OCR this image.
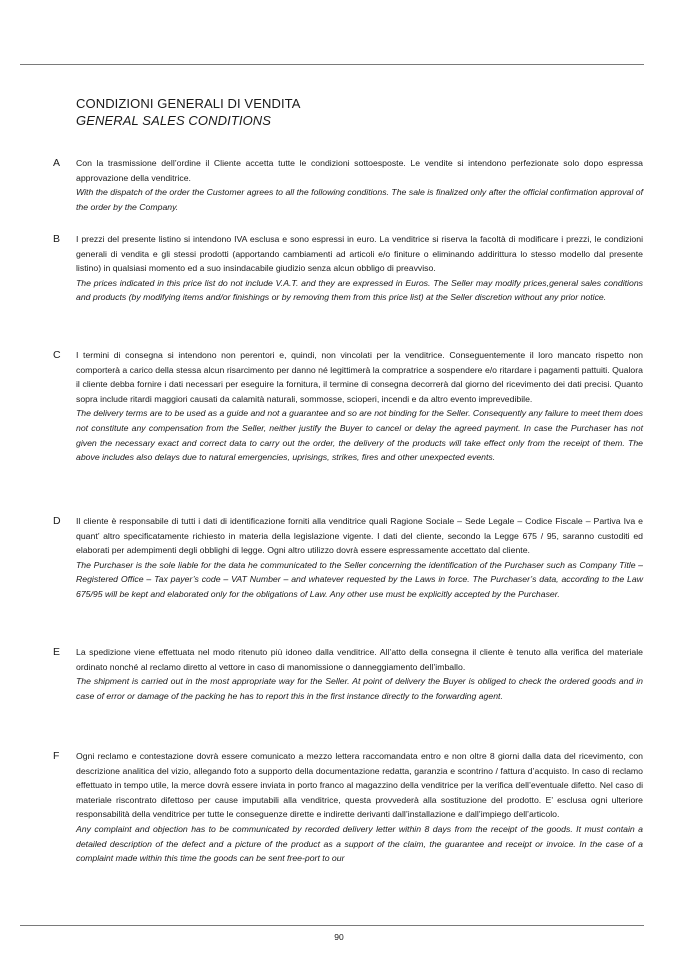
CONDIZIONI GENERALI DI VENDITA
GENERAL SALES CONDITIONS
A Con la trasmissione dell’ordine il Cliente accetta tutte le condizioni sottoesposte. Le vendite si intendono perfezionate solo dopo espressa approvazione della venditrice.

With the dispatch of the order the Customer agrees to all the following conditions. The sale is finalized only after the official confirmation approval of the order by the Company.

B I prezzi del presente listino si intendono IVA esclusa e sono espressi in euro. La venditrice si riserva la facoltà di modificare i prezzi, le condizioni generali di vendita e gli stessi prodotti (apportando cambiamenti ad articoli e/o finiture o eliminando addirittura lo stesso modello dal presente listino) in qualsiasi momento ed a suo insindacabile giudizio senza alcun obbligo di preavviso.

The prices indicated in this price list do not include V.A.T. and they are expressed in Euros. The Seller may modify prices,general sales conditions and products (by modifying items and/or finishings or by removing them from this price list) at the Seller discretion without any prior notice.

C I termini di consegna si intendono non perentori e, quindi, non vincolati per la venditrice. Conseguentemente il loro mancato rispetto non comporterà a carico della stessa alcun risarcimento per danno né legittimerà la compratrice a sospendere e/o ritardare i pagamenti pattuiti. Qualora il cliente debba fornire i dati necessari per eseguire la fornitura, il termine di consegna decorrerà dal giorno del ricevimento dei dati precisi. Quanto sopra include ritardi maggiori causati da calamità naturali, sommosse, scioperi, incendi e da altro evento imprevedibile.

The delivery terms are to be used as a guide and not a guarantee and so are not binding for the Seller. Consequently any failure to meet them does not constitute any compensation from the Seller, neither justify the Buyer to cancel or delay the agreed payment. In case the Purchaser has not given the necessary exact and correct data to carry out the order, the delivery of the products will take effect only from the receipt of them. The above includes also delays due to natural emergencies, uprisings, strikes, fires and other unexpected events.

D Il cliente è responsabile di tutti i dati di identificazione forniti alla venditrice quali Ragione Sociale – Sede Legale – Codice Fiscale – Partiva Iva e quant’ altro specificatamente richiesto in materia della legislazione vigente. I dati del cliente, secondo la Legge 675 / 95, saranno custoditi ed elaborati per adempimenti degli obblighi di legge. Ogni altro utilizzo dovrà essere espressamente accettato dal cliente.

The Purchaser is the sole liable for the data he communicated to the Seller concerning the identification of the Purchaser such as Company Title – Registered Office – Tax payer’s code – VAT Number – and whatever requested by the Laws in force. The Purchaser’s data, according to the Law 675/95 will be kept and elaborated only for the obligations of Law. Any other use must be explicitly accepted by the Purchaser.

E La spedizione viene effettuata nel modo ritenuto più idoneo dalla venditrice. All’atto della consegna il cliente è tenuto alla verifica del materiale ordinato nonché al reclamo diretto al vettore in caso di manomissione o danneggiamento dell’imballo.

The shipment is carried out in the most appropriate way for the Seller. At point of delivery the Buyer is obliged to check the ordered goods and in case of error or damage of the packing he has to report this in the first instance directly to the forwarding agent.

F Ogni reclamo e contestazione dovrà essere comunicato a mezzo lettera raccomandata entro e non oltre 8 giorni dalla data del ricevimento, con descrizione analitica del vizio, allegando foto a supporto della documentazione redatta, garanzia e scontrino / fattura d’acquisto. In caso di reclamo effettuato in tempo utile, la merce dovrà essere inviata in porto franco al magazzino della venditrice per la verifica dell’eventuale difetto. Nel caso di materiale riscontrato difettoso per cause imputabili alla venditrice, questa provvederà alla sostituzione del prodotto. E’ esclusa ogni ulteriore responsabilità della venditrice per tutte le conseguenze dirette e indirette derivanti dall’installazione e dall’impiego dell’articolo.

Any complaint and objection has to be communicated by recorded delivery letter within 8 days from the receipt of the goods. It must contain a detailed description of the defect and a picture of the product as a support of the claim, the guarantee and receipt or invoice. In the case of a complaint made within this time the goods can be sent free-port to our

90
